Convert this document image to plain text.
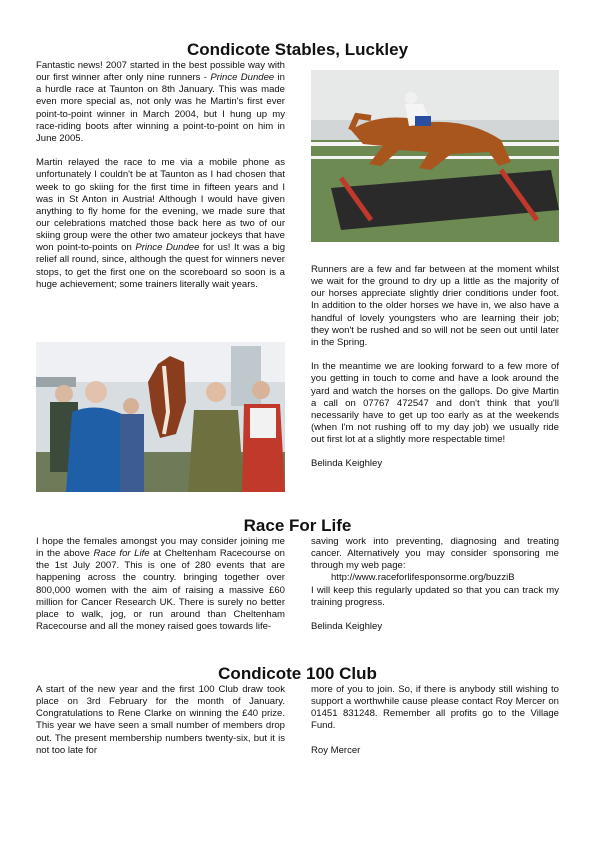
Condicote Stables, Luckley

Fantastic news! 2007 started in the best possible way with our first winner after only nine runners - Prince Dundee in a hurdle race at Taunton on 8th January. This was made even more special as, not only was he Martin's first ever point-to-point winner in March 2004, but I hung up my race-riding boots after winning a point-to-point on him in June 2005.

Martin relayed the race to me via a mobile phone as unfortunately I couldn't be at Taunton as I had chosen that week to go skiing for the first time in fifteen years and I was in St Anton in Austria! Although I would have given anything to fly home for the evening, we made sure that our celebrations matched those back here as two of our skiing group were the other two amateur jockeys that have won point-to-points on Prince Dundee for us! It was a big relief all round, since, although the quest for winners never stops, to get the first one on the scoreboard so soon is a huge achievement; some trainers literally wait years.

Runners are a few and far between at the moment whilst we wait for the ground to dry up a little as the majority of our horses appreciate slightly drier conditions under foot. In addition to the older horses we have in, we also have a handful of lovely youngsters who are learning their job; they won't be rushed and so will not be seen out until later in the Spring.

In the meantime we are looking forward to a few more of you getting in touch to come and have a look around the yard and watch the horses on the gallops. Do give Martin a call on 07767 472547 and don't think that you'll necessarily have to get up too early as at the weekends (when I'm not rushing off to my day job) we usually ride out first lot at a slightly more respectable time!

Belinda Keighley

Race For Life

I hope the females amongst you may consider joining me in the above Race for Life at Cheltenham Racecourse on the 1st July 2007. This is one of 280 events that are happening across the country. bringing together over 800,000 women with the aim of raising a massive £60 million for Cancer Research UK. There is surely no better place to walk, jog, or run around than Cheltenham Racecourse and all the money raised goes towards life-

saving work into preventing, diagnosing and treating cancer. Alternatively you may consider sponsoring me through my web page:

http://www.raceforlifesponsorme.org/buzziB

I will keep this regularly updated so that you can track my training progress.

Belinda Keighley

Condicote 100 Club

A start of the new year and the first 100 Club draw took place on 3rd February for the month of January. Congratulations to Rene Clarke on winning the £40 prize. This year we have seen a small number of members drop out. The present membership numbers twenty-six, but it is not too late for

more of you to join. So, if there is anybody still wishing to support a worthwhile cause please contact Roy Mercer on 01451 831248. Remember all profits go to the Village Fund.

Roy Mercer
